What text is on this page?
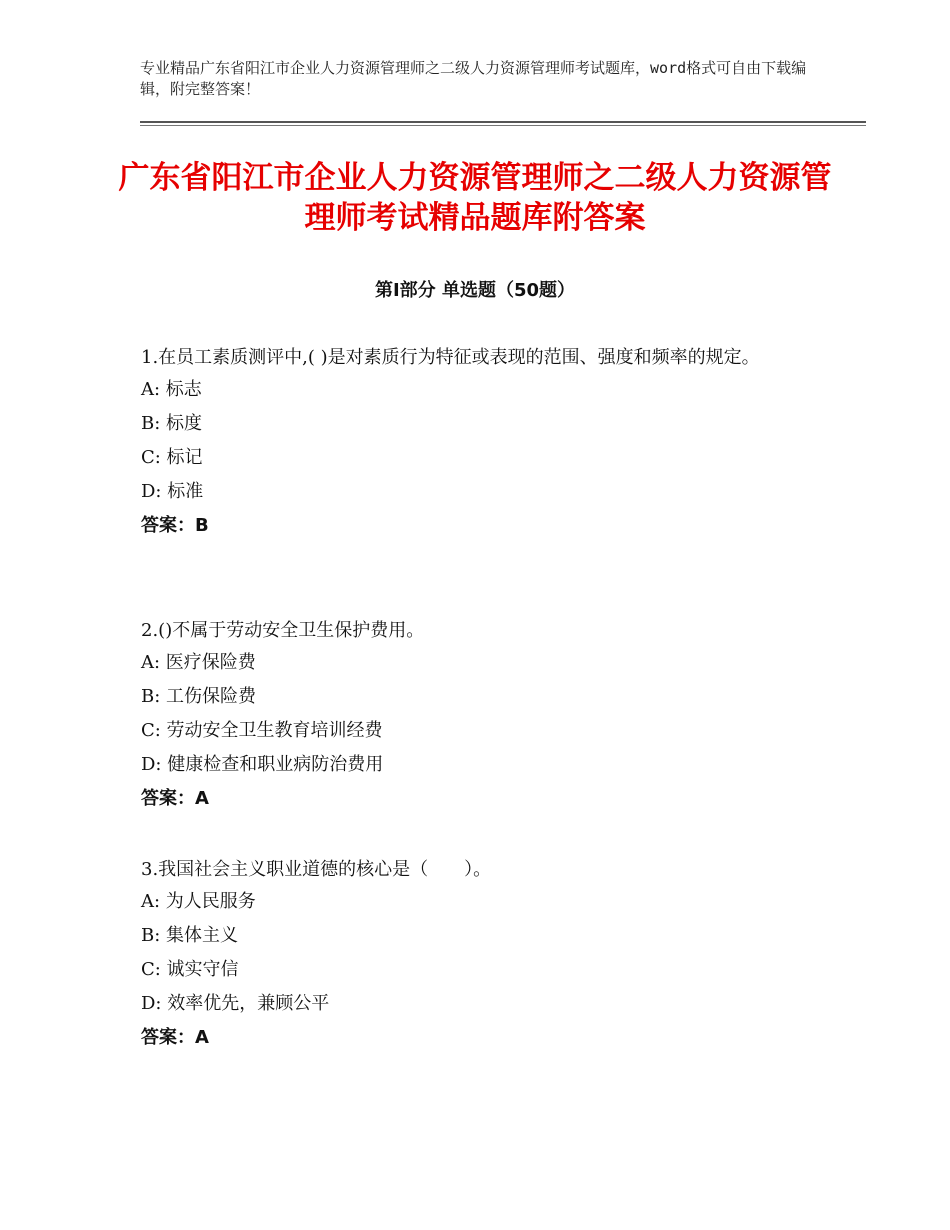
专业精品广东省阳江市企业人力资源管理师之二级人力资源管理师考试题库，word格式可自由下载编辑，附完整答案！
广东省阳江市企业人力资源管理师之二级人力资源管理师考试精品题库附答案
第Ⅰ部分 单选题（50题）

1.在员工素质测评中,( )是对素质行为特征或表现的范围、强度和频率的规定。

A: 标志

B: 标度

C: 标记

D: 标准

答案：B

2.()不属于劳动安全卫生保护费用。

A: 医疗保险费

B: 工伤保险费

C: 劳动安全卫生教育培训经费

D: 健康检查和职业病防治费用

答案：A

3.我国社会主义职业道德的核心是（　　）。

A: 为人民服务

B: 集体主义

C: 诚实守信

D: 效率优先，兼顾公平

答案：A
